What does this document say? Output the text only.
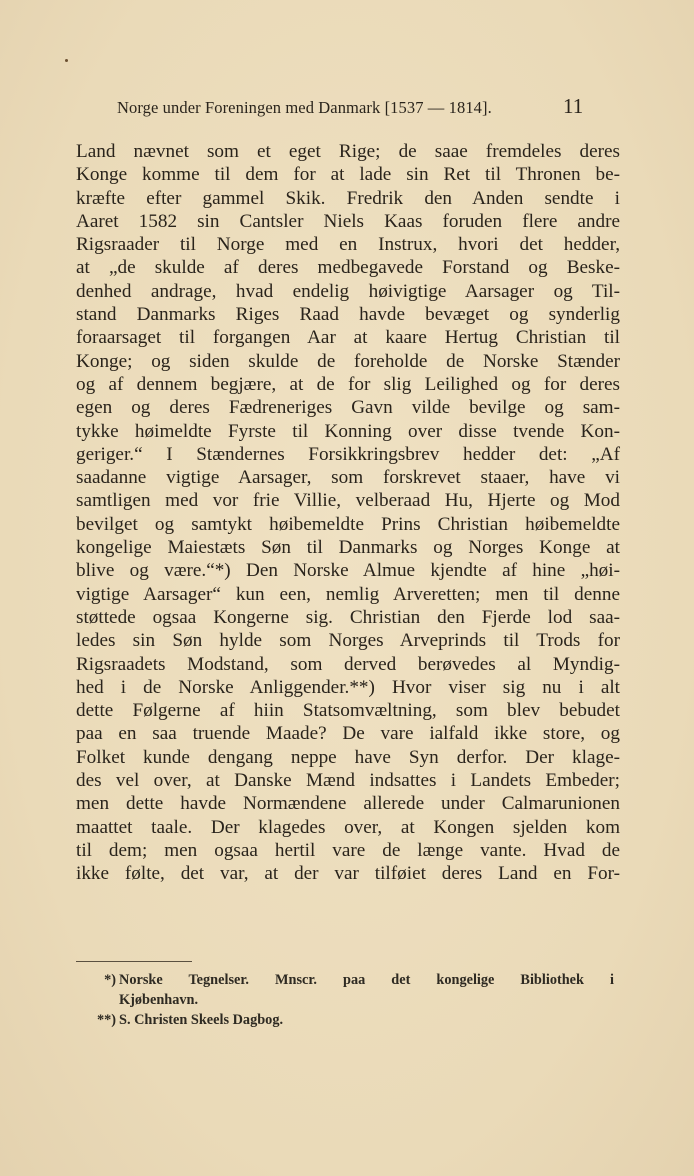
Norge under Foreningen med Danmark [1537 — 1814].	11
Land nævnet som et eget Rige; de saae fremdeles deres
Konge komme til dem for at lade sin Ret til Thronen be-
kræfte efter gammel Skik. Fredrik den Anden sendte i
Aaret 1582 sin Cantsler Niels Kaas foruden flere andre
Rigsraader til Norge med en Instrux, hvori det hedder,
at „de skulde af deres medbegavede Forstand og Beske-
denhed andrage, hvad endelig høivigtige Aarsager og Til-
stand Danmarks Riges Raad havde bevæget og synderlig
foraarsaget til forgangen Aar at kaare Hertug Christian til
Konge; og siden skulde de foreholde de Norske Stænder
og af dennem begjære, at de for slig Leilighed og for deres
egen og deres Fædreneriges Gavn vilde bevilge og sam-
tykke høimeldte Fyrste til Konning over disse tvende Kon-
geriger.“ I Stændernes Forsikkringsbrev hedder det: „Af
saadanne vigtige Aarsager, som forskrevet staaer, have vi
samtligen med vor frie Villie, velberaad Hu, Hjerte og Mod
bevilget og samtykt høibemeldte Prins Christian høibemeldte
kongelige Maiestæts Søn til Danmarks og Norges Konge at
blive og være.“*) Den Norske Almue kjendte af hine „høi-
vigtige Aarsager“ kun een, nemlig Arveretten; men til denne
støttede ogsaa Kongerne sig. Christian den Fjerde lod saa-
ledes sin Søn hylde som Norges Arveprinds til Trods for
Rigsraadets Modstand, som derved berøvedes al Myndig-
hed i de Norske Anliggender.**) Hvor viser sig nu i alt
dette Følgerne af hiin Statsomvæltning, som blev bebudet
paa en saa truende Maade? De vare ialfald ikke store, og
Folket kunde dengang neppe have Syn derfor. Der klage-
des vel over, at Danske Mænd indsattes i Landets Embeder;
men dette havde Normændene allerede under Calmarunionen
maattet taale. Der klagedes over, at Kongen sjelden kom
til dem; men ogsaa hertil vare de længe vante. Hvad de
ikke følte, det var, at der var tilføiet deres Land en For-
*) Norske Tegnelser. Mnscr. paa det kongelige Bibliothek i
Kjøbenhavn.
**) S. Christen Skeels Dagbog.
